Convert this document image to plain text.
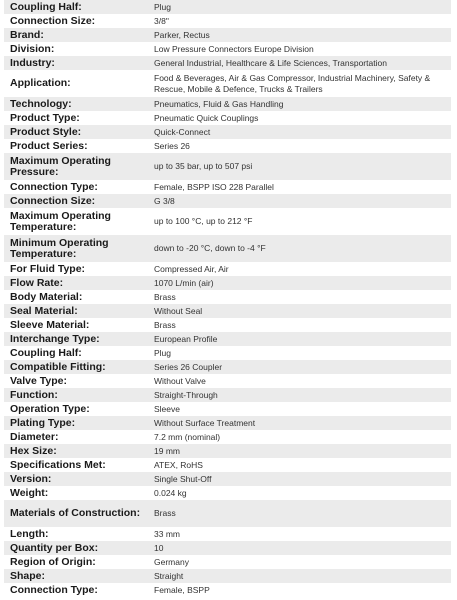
Coupling Half:	Plug
Connection Size:	3/8"
Brand:	Parker, Rectus
Division:	Low Pressure Connectors Europe Division
Industry:	General Industrial, Healthcare & Life Sciences, Transportation
Application:	Food & Beverages, Air & Gas Compressor, Industrial Machinery, Safety & Rescue, Mobile & Defence, Trucks & Trailers
Technology:	Pneumatics, Fluid & Gas Handling
Product Type:	Pneumatic Quick Couplings
Product Style:	Quick-Connect
Product Series:	Series 26
Maximum Operating Pressure:	up to 35 bar, up to 507 psi
Connection Type:	Female, BSPP ISO 228 Parallel
Connection Size:	G 3/8
Maximum Operating Temperature:	up to 100 °C, up to 212 °F
Minimum Operating Temperature:	down to -20 °C, down to -4 °F
For Fluid Type:	Compressed Air, Air
Flow Rate:	1070 L/min (air)
Body Material:	Brass
Seal Material:	Without Seal
Sleeve Material:	Brass
Interchange Type:	European Profile
Coupling Half:	Plug
Compatible Fitting:	Series 26 Coupler
Valve Type:	Without Valve
Function:	Straight-Through
Operation Type:	Sleeve
Plating Type:	Without Surface Treatment
Diameter:	7.2 mm (nominal)
Hex Size:	19 mm
Specifications Met:	ATEX, RoHS
Version:	Single Shut-Off
Weight:	0.024 kg
Materials of Construction:	Brass
Length:	33 mm
Quantity per Box:	10
Region of Origin:	Germany
Shape:	Straight
Connection Type:	Female, BSPP
